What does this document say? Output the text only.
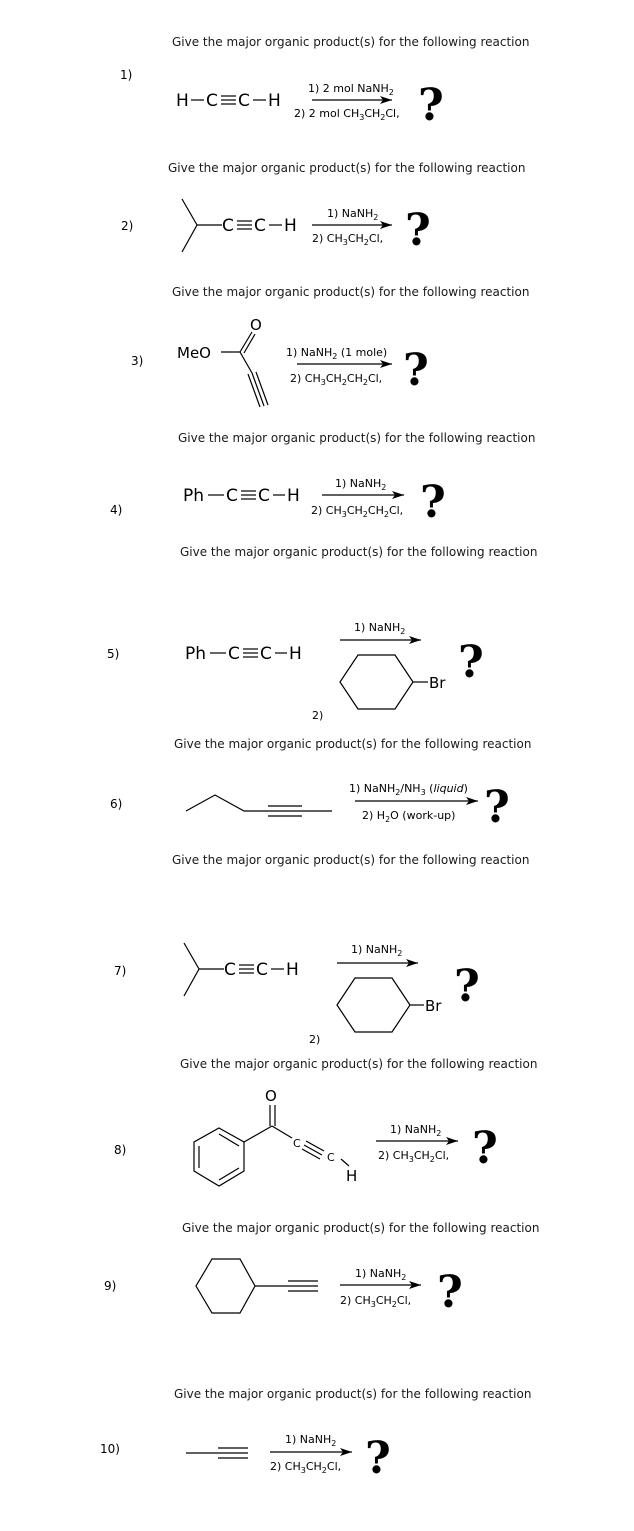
Give the major organic product(s) for the following reaction
1)
H C C H
1) 2 mol NaNH$_2$
2) 2 mol $CH_3CH_2Cl$, ?
Give the major organic product(s) for the following reaction
2)	C C H
1) NaNH$_2$
2) $CH_3CH_2Cl$, ?
Give the major organic product(s) for the following reaction
3) MeO
O
1) NaNH$_2$ (1 mole)
2) $CH_3CH_2CH_2Cl$, ?
Give the major organic product(s) for the following reaction
4)
Ph C C H
1) NaNH$_2$
2) $CH_3CH_2CH_2Cl$, ?
Give the major organic product(s) for the following reaction
5)	Ph C C H
1) NaNH$_2$
Br
2)
?
Give the major organic product(s) for the following reaction
6)
1) $NaNH_2/NH_3$ (liquid)
2) $H_2O$ (work-up) ?
Give the major organic product(s) for the following reaction
7)	C C H
1) NaNH$_2$
Br
2)
?
Give the major organic product(s) for the following reaction
8)
O
C
C
H
1) NaNH$_2$
2) $CH_3CH_2Cl$, ?
Give the major organic product(s) for the following reaction
9)
1) NaNH$_2$
2) $CH_3CH_2Cl$, ?
Give the major organic product(s) for the following reaction
10)
1) NaNH$_2$
2) $CH_3CH_2Cl$, ?
